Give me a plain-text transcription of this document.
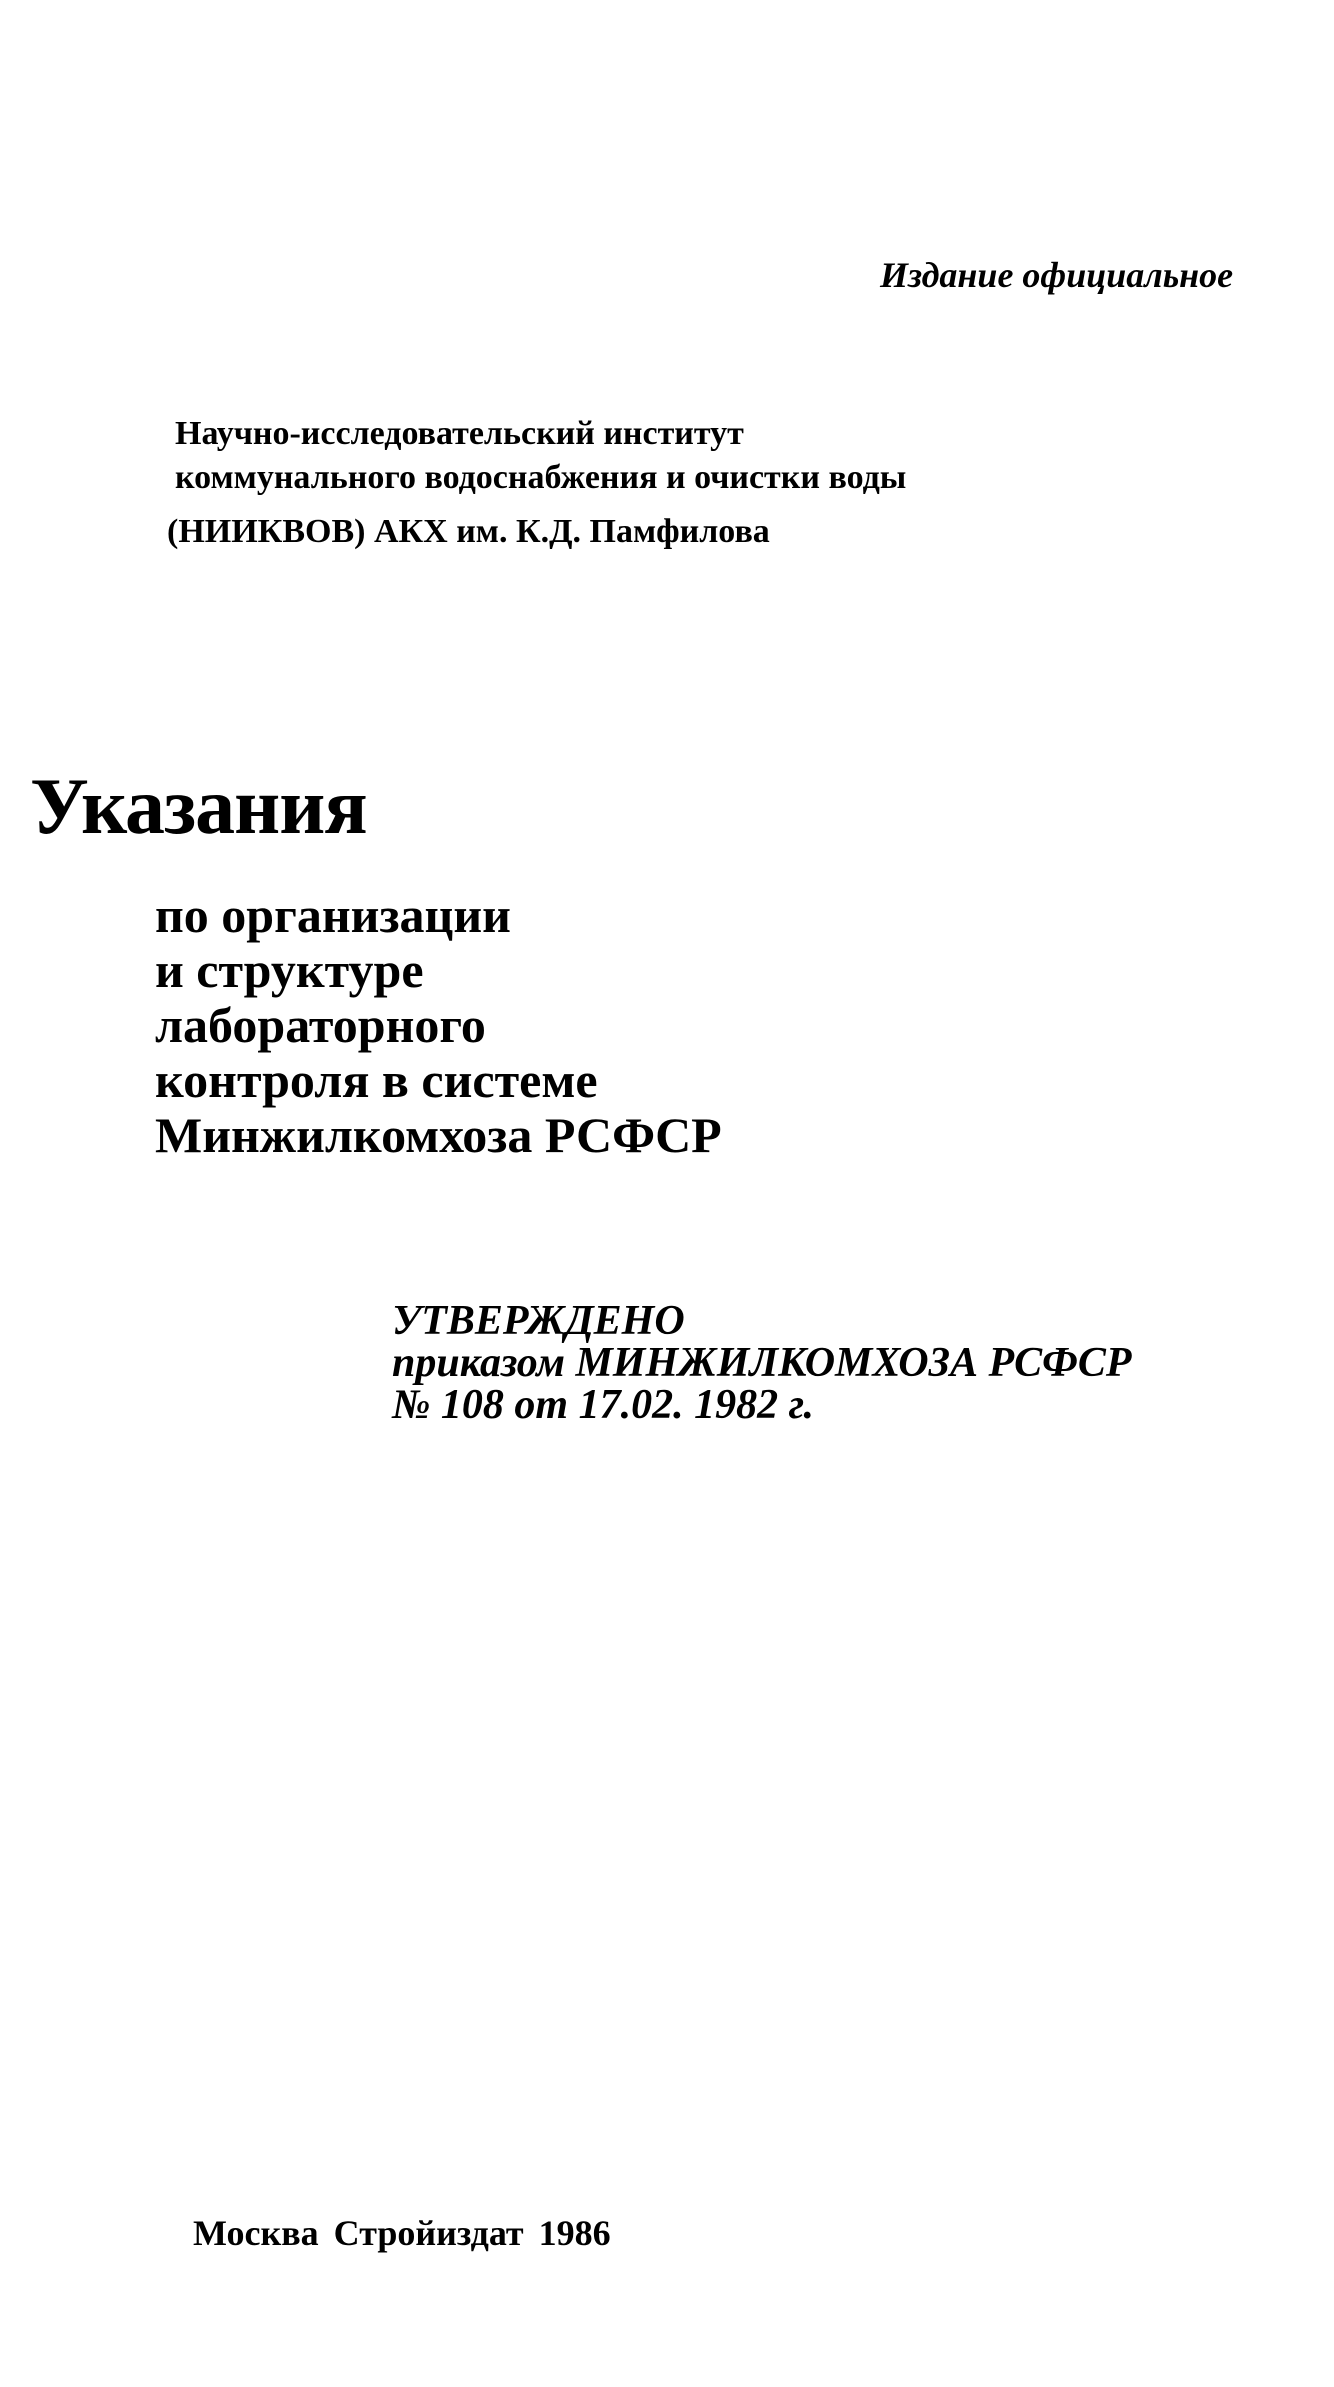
Издание официальное
Научно-исследовательский институт
коммунального водоснабжения и очистки воды
(НИИКВОВ) АКХ им. К.Д. Памфилова
Указания
по организации
и структуре
лабораторного
контроля в системе
Минжилкомхоза РСФСР
УТВЕРЖДЕНО
приказом МИНЖИЛКОМХОЗА РСФСР
№ 108 от 17.02. 1982 г.
Москва Стройиздат 1986
